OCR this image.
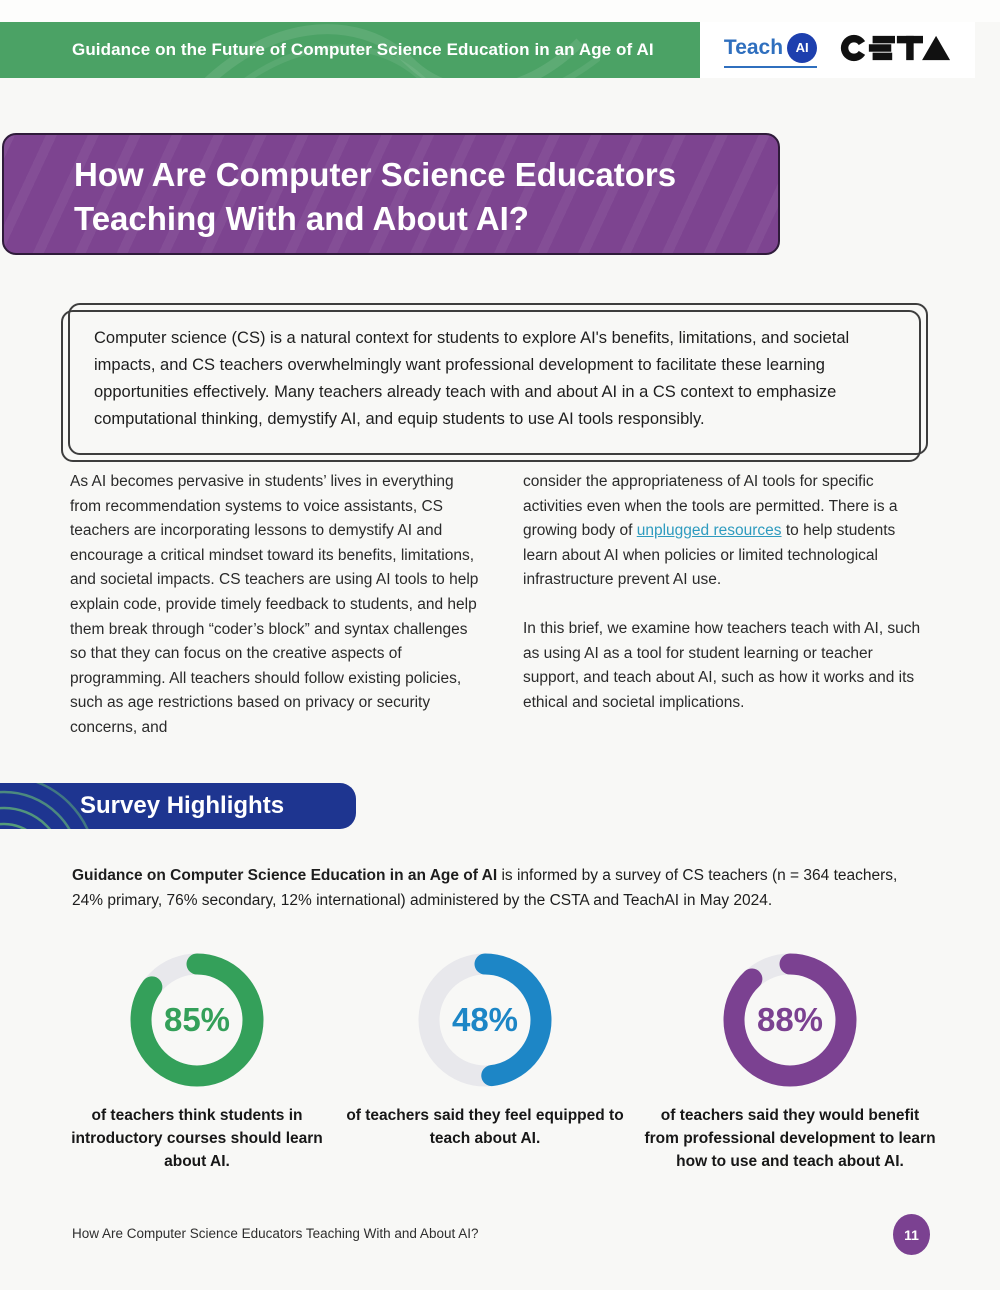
Guidance on the Future of Computer Science Education in an Age of AI	Teach AI
How Are Computer Science Educators Teaching With and About AI?

Computer science (CS) is a natural context for students to explore AI's benefits, limitations, and societal impacts, and CS teachers overwhelmingly want professional development to facilitate these learning opportunities effectively. Many teachers already teach with and about AI in a CS context to emphasize computational thinking, demystify AI, and equip students to use AI tools responsibly.

As AI becomes pervasive in students’ lives in everything from recommendation systems to voice assistants, CS teachers are incorporating lessons to demystify AI and encourage a critical mindset toward its benefits, limitations, and societal impacts. CS teachers are using AI tools to help explain code, provide timely feedback to students, and help them break through “coder’s block” and syntax challenges so that they can focus on the creative aspects of programming. All teachers should follow existing policies, such as age restrictions based on privacy or security concerns, and

consider the appropriateness of AI tools for specific activities even when the tools are permitted. There is a growing body of unplugged resources to help students learn about AI when policies or limited technological infrastructure prevent AI use.

In this brief, we examine how teachers teach with AI, such as using AI as a tool for student learning or teacher support, and teach about AI, such as how it works and its ethical and societal implications.

Survey Highlights

Guidance on Computer Science Education in an Age of AI is informed by a survey of CS teachers (n = 364 teachers, 24% primary, 76% secondary, 12% international) administered by the CSTA and TeachAI in May 2024.

85%
of teachers think students in introductory courses should learn about AI.
48%
of teachers said they feel equipped to teach about AI.
88%
of teachers said they would benefit from professional development to learn how to use and teach about AI.
How Are Computer Science Educators Teaching With and About AI?	11
